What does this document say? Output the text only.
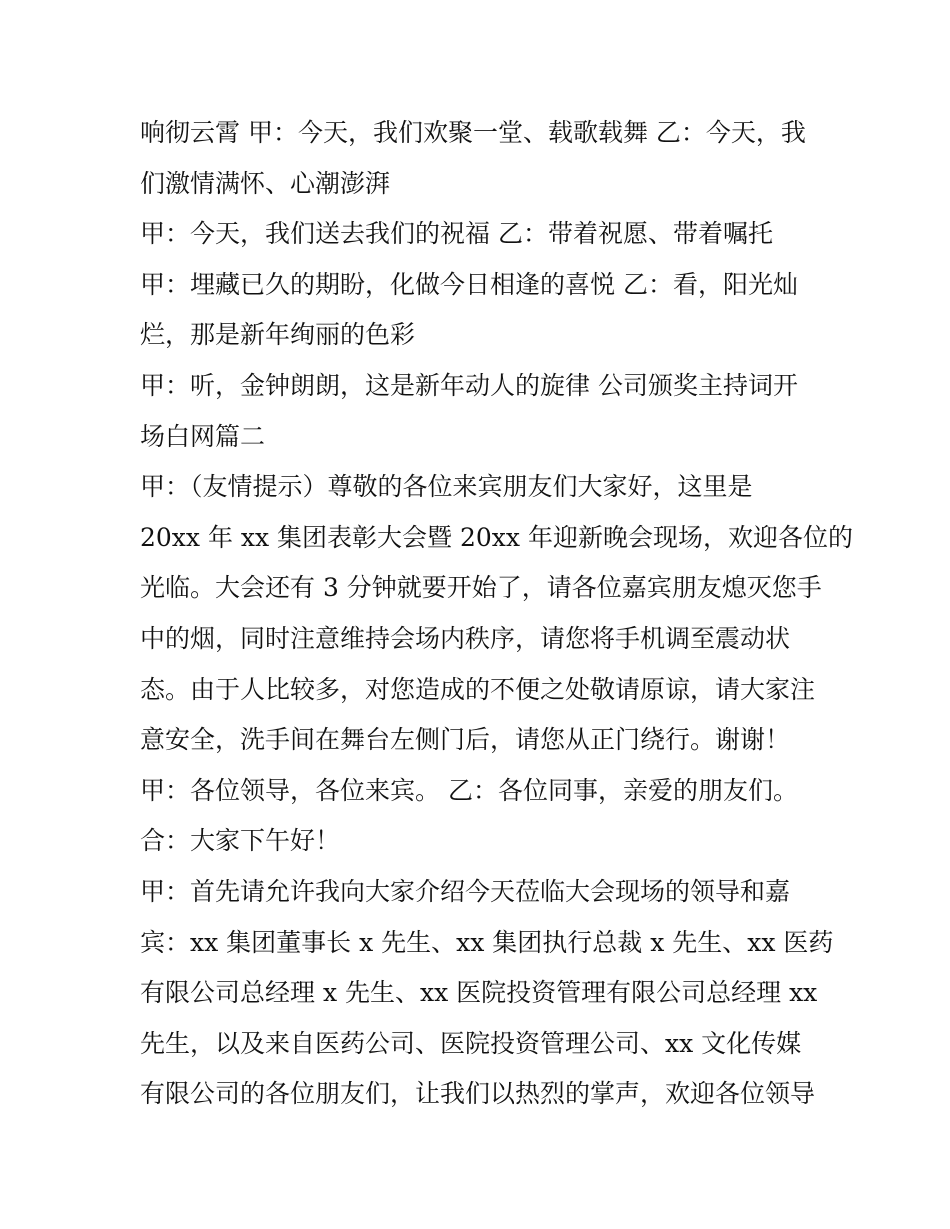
响彻云霄 甲：今天，我们欢聚一堂、载歌载舞 乙：今天，我
们激情满怀、心潮澎湃
甲：今天，我们送去我们的祝福 乙：带着祝愿、带着嘱托
甲：埋藏已久的期盼，化做今日相逢的喜悦 乙：看，阳光灿
烂，那是新年绚丽的色彩
甲：听，金钟朗朗，这是新年动人的旋律 公司颁奖主持词开
场白网篇二
甲：（友情提示）尊敬的各位来宾朋友们大家好，这里是
20xx 年 xx 集团表彰大会暨 20xx 年迎新晚会现场，欢迎各位的
光临。大会还有 3 分钟就要开始了，请各位嘉宾朋友熄灭您手
中的烟，同时注意维持会场内秩序，请您将手机调至震动状
态。由于人比较多，对您造成的不便之处敬请原谅，请大家注
意安全，洗手间在舞台左侧门后，请您从正门绕行。谢谢！
甲：各位领导，各位来宾。 乙：各位同事，亲爱的朋友们。
合：大家下午好！
甲：首先请允许我向大家介绍今天莅临大会现场的领导和嘉
宾：xx 集团董事长 x 先生、xx 集团执行总裁 x 先生、xx 医药
有限公司总经理 x 先生、xx 医院投资管理有限公司总经理 xx
先生，以及来自医药公司、医院投资管理公司、xx 文化传媒
有限公司的各位朋友们，让我们以热烈的掌声，欢迎各位领导
